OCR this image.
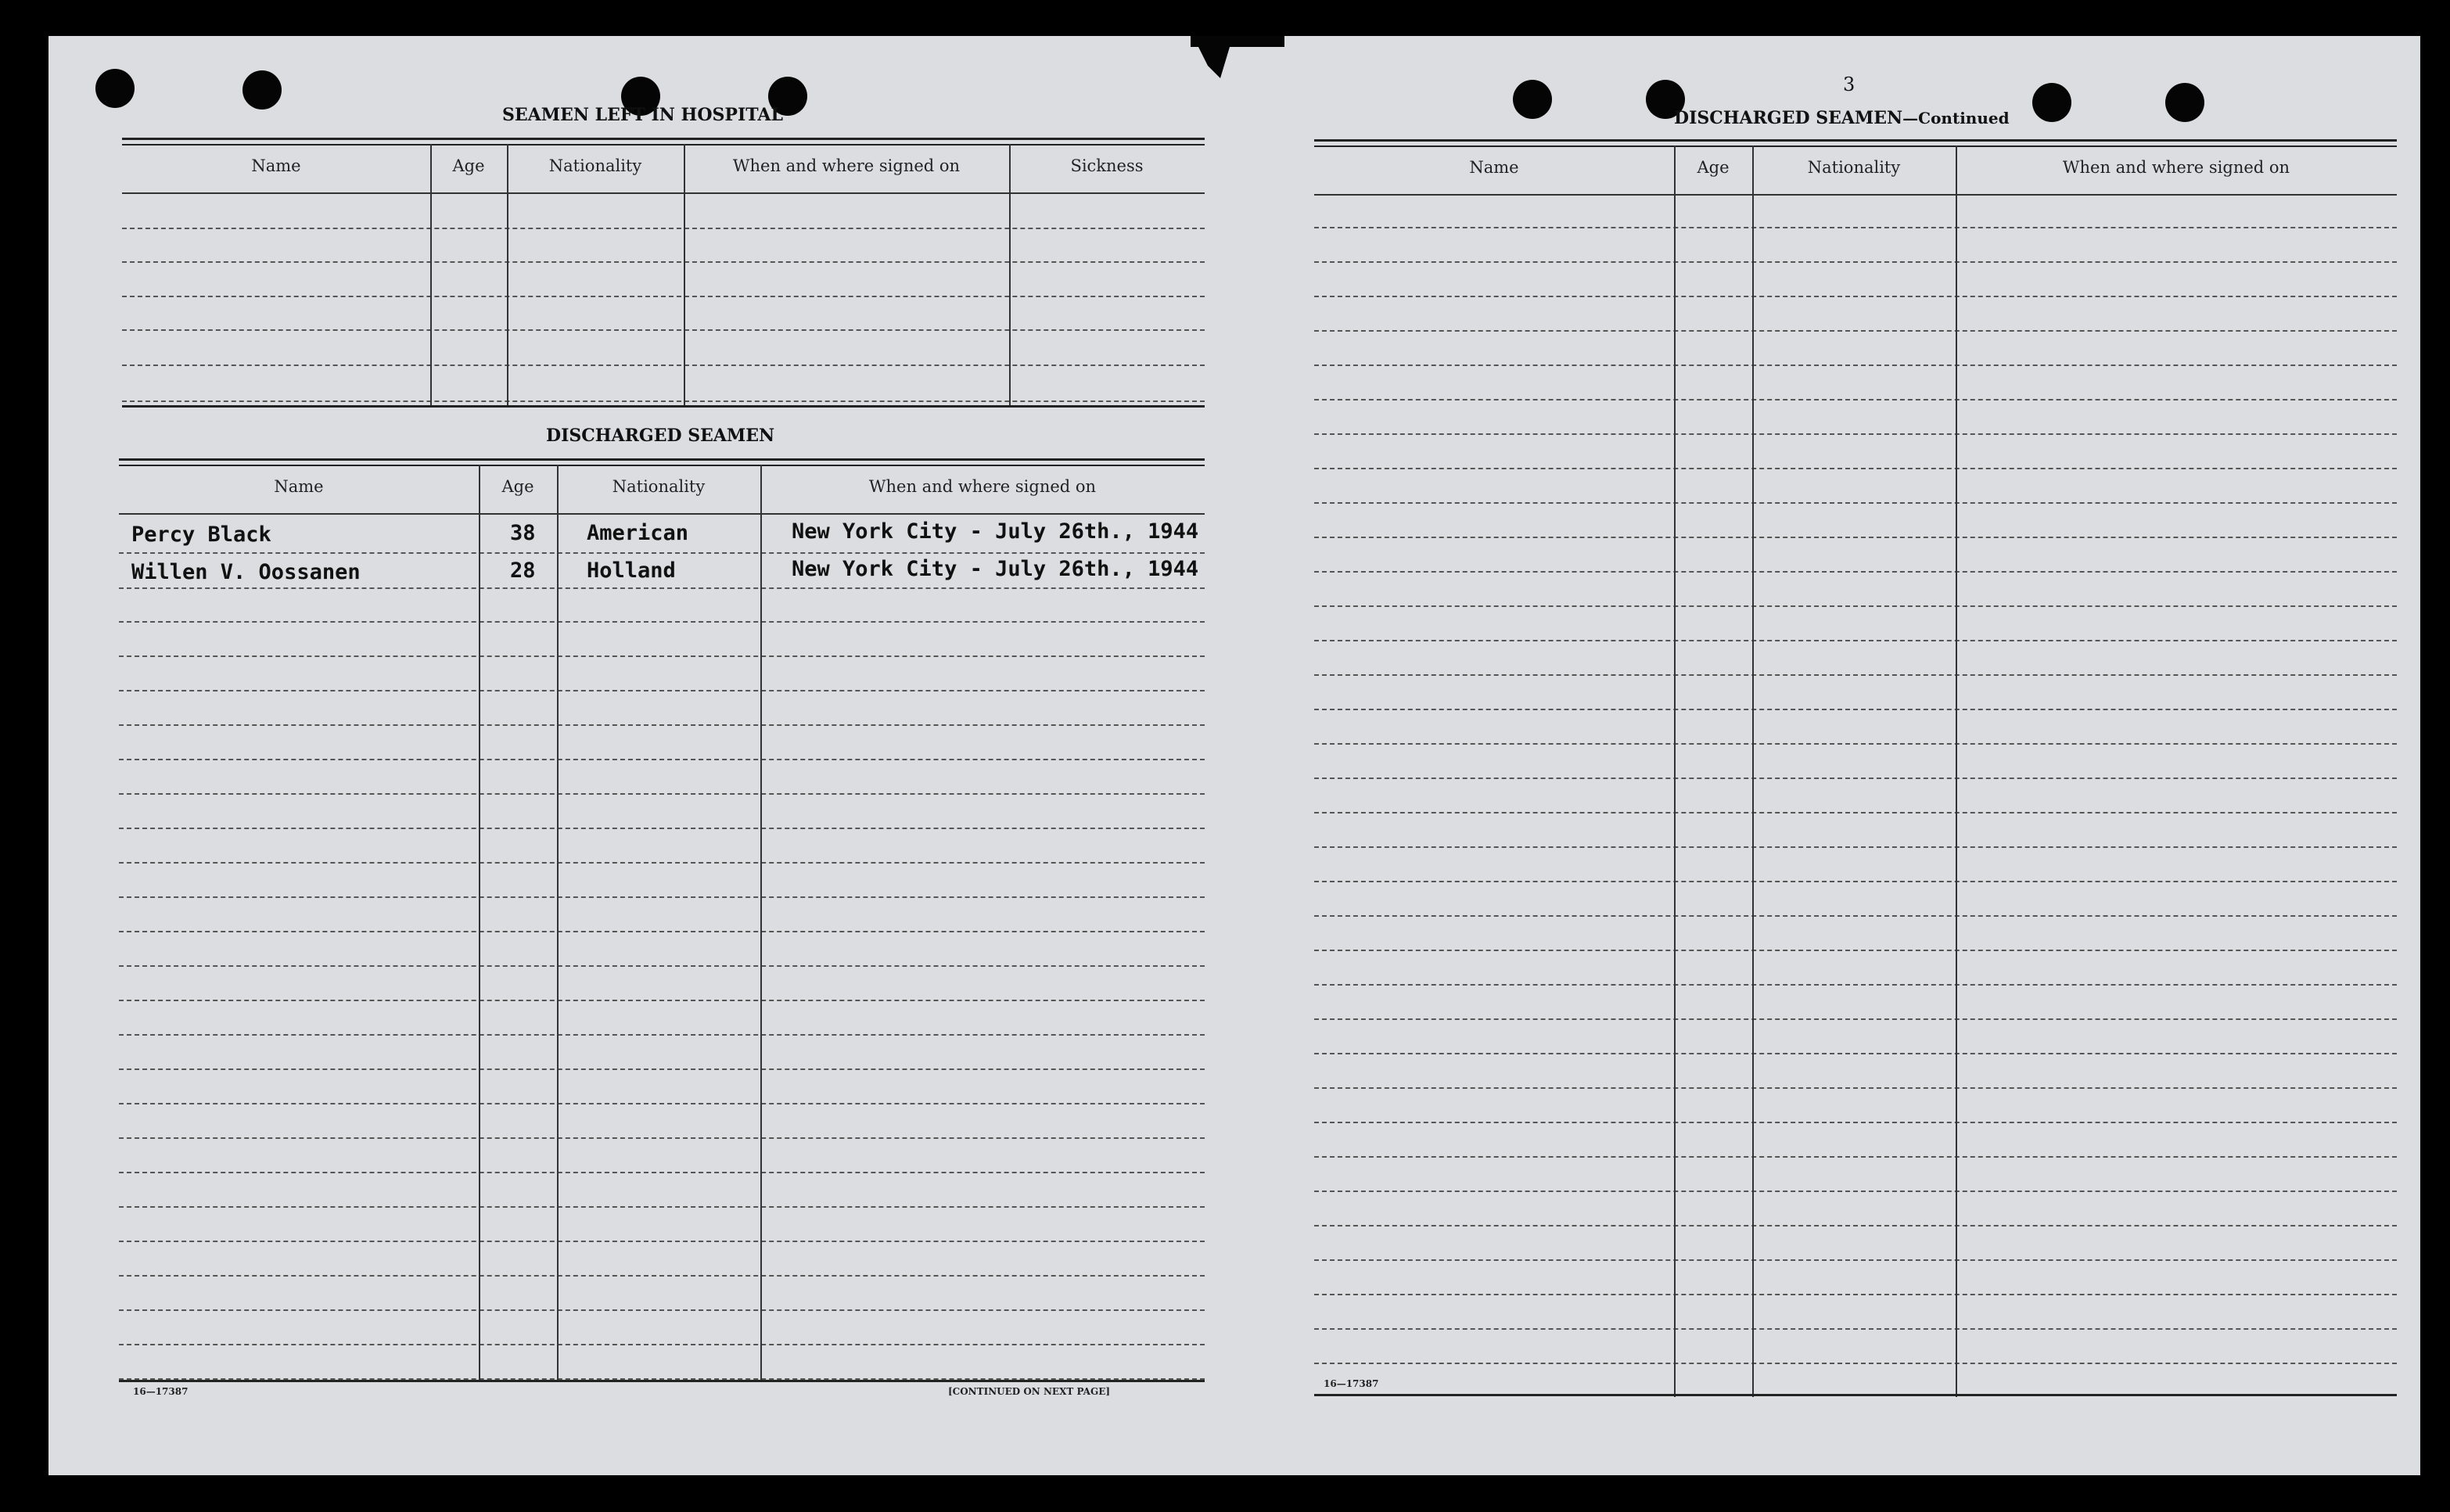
SEAMEN LEFT IN HOSPITAL
Name	Age	Nationality	When and where signed on	Sickness
DISCHARGED SEAMEN
Name	Age	Nationality	When and where signed on
Percy Black	38 American	New York City - July 26th., 1944
Willen V. Oossanen	28 Holland	New York City - July 26th., 1944
16—17387	[CONTINUED ON NEXT PAGE]
3
DISCHARGED SEAMEN—Continued
Name	Age	Nationality	When and where signed on
16—17387
